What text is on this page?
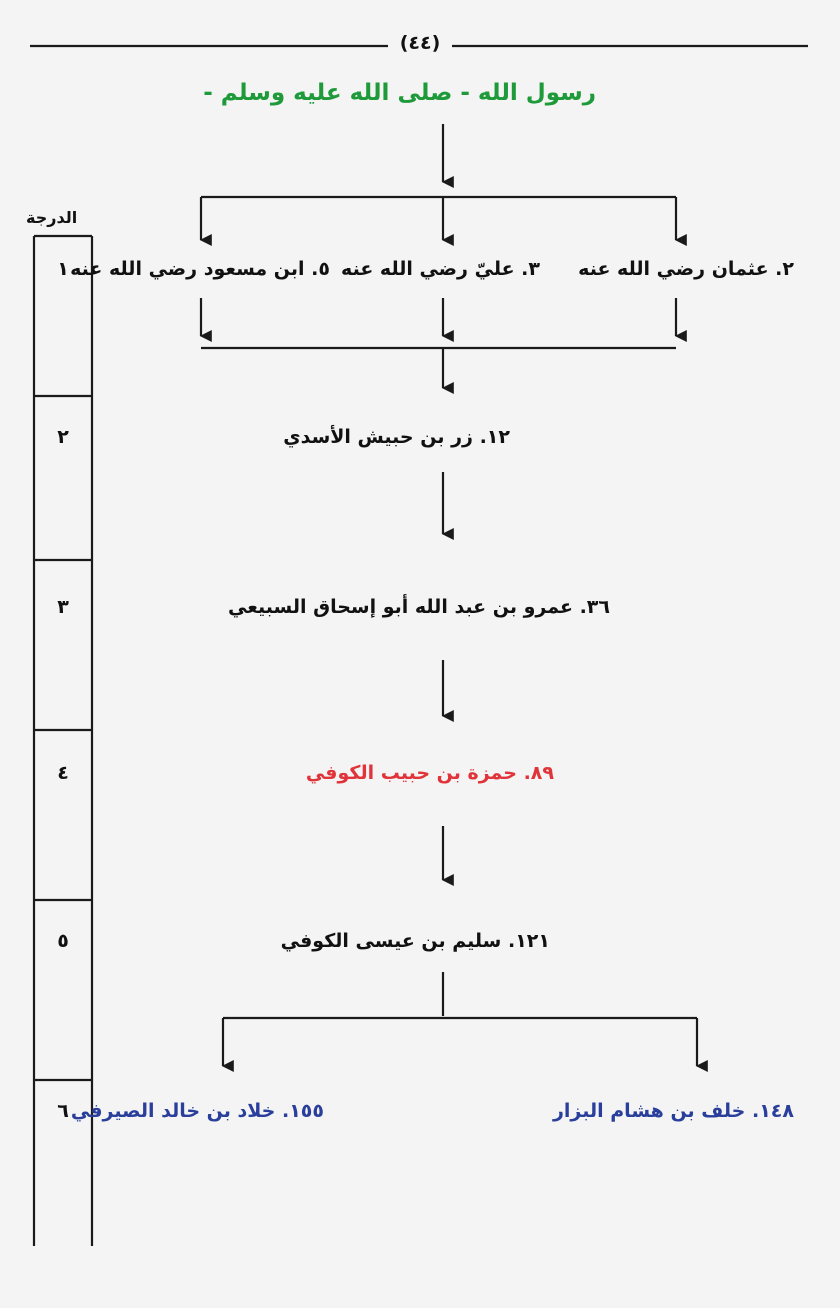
(٤٤)
رسول الله - صلى الله عليه وسلم -
الدرجة
١
٢
٣
٤
٥
٦
٢. عثمان رضي الله عنه
٣. عليّ رضي الله عنه
٥. ابن مسعود رضي الله عنه
١٢. زر بن حبيش الأسدي
٣٦. عمرو بن عبد الله أبو إسحاق السبيعي
٨٩. حمزة بن حبيب الكوفي
١٢١. سليم بن عيسى الكوفي
١٤٨. خلف بن هشام البزار
١٥٥. خلاد بن خالد الصيرفي
